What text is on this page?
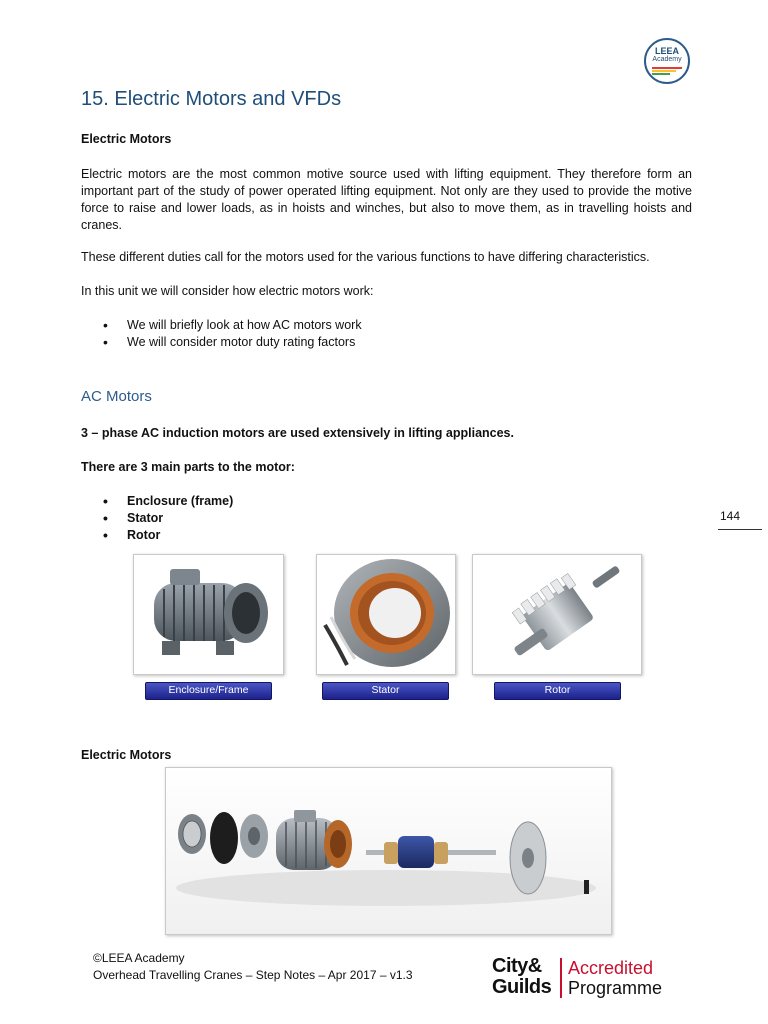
LEEA
Academy
15. Electric Motors and VFDs
Electric Motors
Electric motors are the most common motive source used with lifting equipment. They therefore form an important part of the study of power operated lifting equipment. Not only are they used to provide the motive force to raise and lower loads, as in hoists and winches, but also to move them, as in travelling hoists and cranes.
These different duties call for the motors used for the various functions to have differing characteristics.
In this unit we will consider how electric motors work:
• We will briefly look at how AC motors work
• We will consider motor duty rating factors
AC Motors
3 – phase AC induction motors are used extensively in lifting appliances.
There are 3 main parts to the motor:
• Enclosure (frame)
• Stator
• Rotor
144
Enclosure/Frame	Stator	Rotor
Electric Motors
©LEEA Academy
Overhead Travelling Cranes – Step Notes – Apr 2017 – v1.3	City&
Guilds
Accredited
Programme
